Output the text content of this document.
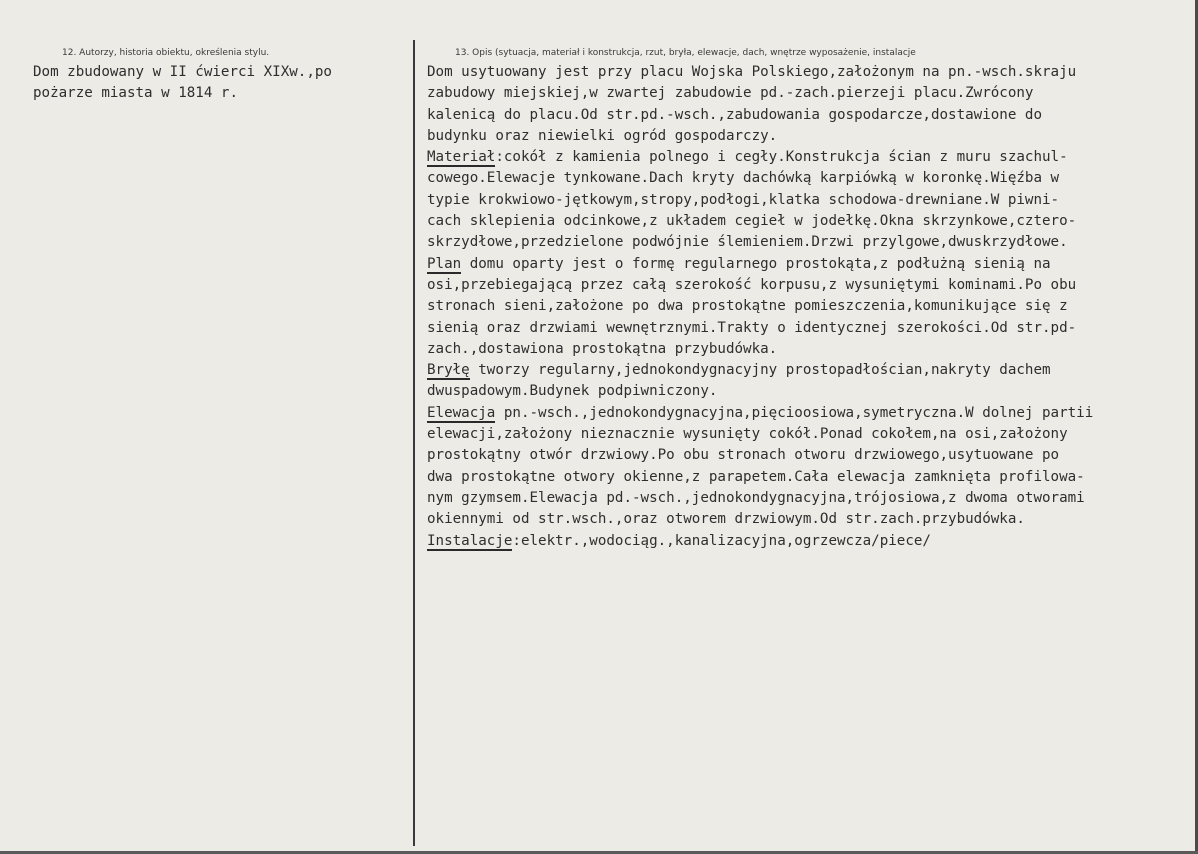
12. Autorzy, historia obiektu, określenia stylu.	13. Opis (sytuacja, materiał i konstrukcja, rzut, bryła, elewacje, dach, wnętrze wyposażenie, instalacje
Dom zbudowany w II ćwierci XIXw.,po
pożarze miasta w 1814 r.
Dom usytuowany jest przy placu Wojska Polskiego,założonym na pn.-wsch.skraju
zabudowy miejskiej,w zwartej zabudowie pd.-zach.pierzeji placu.Zwrócony
kalenicą do placu.Od str.pd.-wsch.,zabudowania gospodarcze,dostawione do
budynku oraz niewielki ogród gospodarczy.
Materiał:cokół z kamienia polnego i cegły.Konstrukcja ścian z muru szachul-
cowego.Elewacje tynkowane.Dach kryty dachówką karpiówką w koronkę.Więźba w
typie krokwiowo-jętkowym,stropy,podłogi,klatka schodowa-drewniane.W piwni-
cach sklepienia odcinkowe,z układem cegieł w jodełkę.Okna skrzynkowe,cztero-
skrzydłowe,przedzielone podwójnie ślemieniem.Drzwi przylgowe,dwuskrzydłowe.
Plan domu oparty jest o formę regularnego prostokąta,z podłużną sienią na
osi,przebiegającą przez całą szerokość korpusu,z wysuniętymi kominami.Po obu
stronach sieni,założone po dwa prostokątne pomieszczenia,komunikujące się z
sienią oraz drzwiami wewnętrznymi.Trakty o identycznej szerokości.Od str.pd-
zach.,dostawiona prostokątna przybudówka.
Bryłę tworzy regularny,jednokondygnacyjny prostopadłościan,nakryty dachem
dwuspadowym.Budynek podpiwniczony.
Elewacja pn.-wsch.,jednokondygnacyjna,pięcioosiowa,symetryczna.W dolnej partii
elewacji,założony nieznacznie wysunięty cokół.Ponad cokołem,na osi,założony
prostokątny otwór drzwiowy.Po obu stronach otworu drzwiowego,usytuowane po
dwa prostokątne otwory okienne,z parapetem.Cała elewacja zamknięta profilowa-
nym gzymsem.Elewacja pd.-wsch.,jednokondygnacyjna,trójosiowa,z dwoma otworami
okiennymi od str.wsch.,oraz otworem drzwiowym.Od str.zach.przybudówka.
Instalacje:elektr.,wodociąg.,kanalizacyjna,ogrzewcza/piece/
